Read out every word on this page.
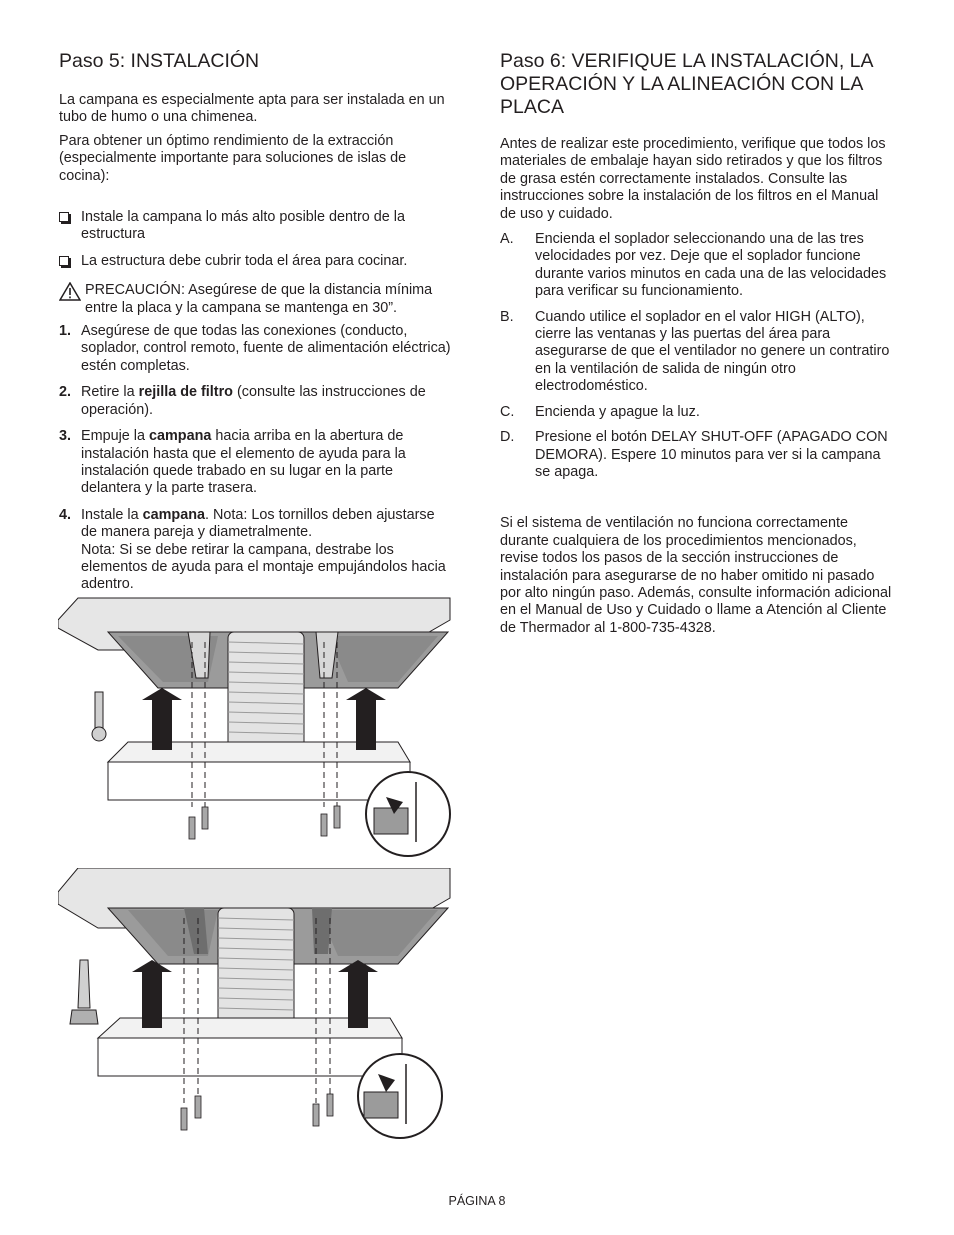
Paso 5: INSTALACIÓN

La campana es especialmente apta para ser instalada en un tubo de humo o una chimenea.

Para obtener un óptimo rendimiento de la extracción (especialmente importante para soluciones de islas de cocina):

Instale la campana lo más alto posible dentro de la estructura
La estructura debe cubrir toda el área para cocinar.
PRECAUCIÓN: Asegúrese de que la distancia mínima entre la placa y la campana se mantenga en 30”.
1. Asegúrese de que todas las conexiones (conducto, soplador, control remoto, fuente de alimentación eléctrica) estén completas.
2. Retire la rejilla de filtro (consulte las instrucciones de operación).
3. Empuje la campana hacia arriba en la abertura de instalación hasta que el elemento de ayuda para la instalación quede trabado en su lugar en la parte delantera y la parte trasera.
4. Instale la campana. Nota: Los tornillos deben ajustarse de manera pareja y diametralmente.
Nota: Si se debe retirar la campana, destrabe los elementos de ayuda para el montaje empujándolos hacia adentro.
Paso 6: VERIFIQUE LA INSTALACIÓN, LA OPERACIÓN Y LA ALINEACIÓN CON LA PLACA

Antes de realizar este procedimiento, verifique que todos los materiales de embalaje hayan sido retirados y que los filtros de grasa estén correctamente instalados. Consulte las instrucciones sobre la instalación de los filtros en el Manual de uso y cuidado.

A. Encienda el soplador seleccionando una de las tres velocidades por vez. Deje que el soplador funcione durante varios minutos en cada una de las velocidades para verificar su funcionamiento.
B. Cuando utilice el soplador en el valor HIGH (ALTO), cierre las ventanas y las puertas del área para asegurarse de que el ventilador no genere un contratiro en la ventilación de salida de ningún otro electrodoméstico.
C. Encienda y apague la luz.
D. Presione el botón DELAY SHUT-OFF (APAGADO CON DEMORA). Espere 10 minutos para ver si la campana se apaga.

Si el sistema de ventilación no funciona correctamente durante cualquiera de los procedimientos mencionados, revise todos los pasos de la sección instrucciones de instalación para asegurarse de no haber omitido ni pasado por alto ningún paso. Además, consulte información adicional en el Manual de Uso y Cuidado o llame a Atención al Cliente de Thermador al 1-800-735-4328.

PÁGINA 8
